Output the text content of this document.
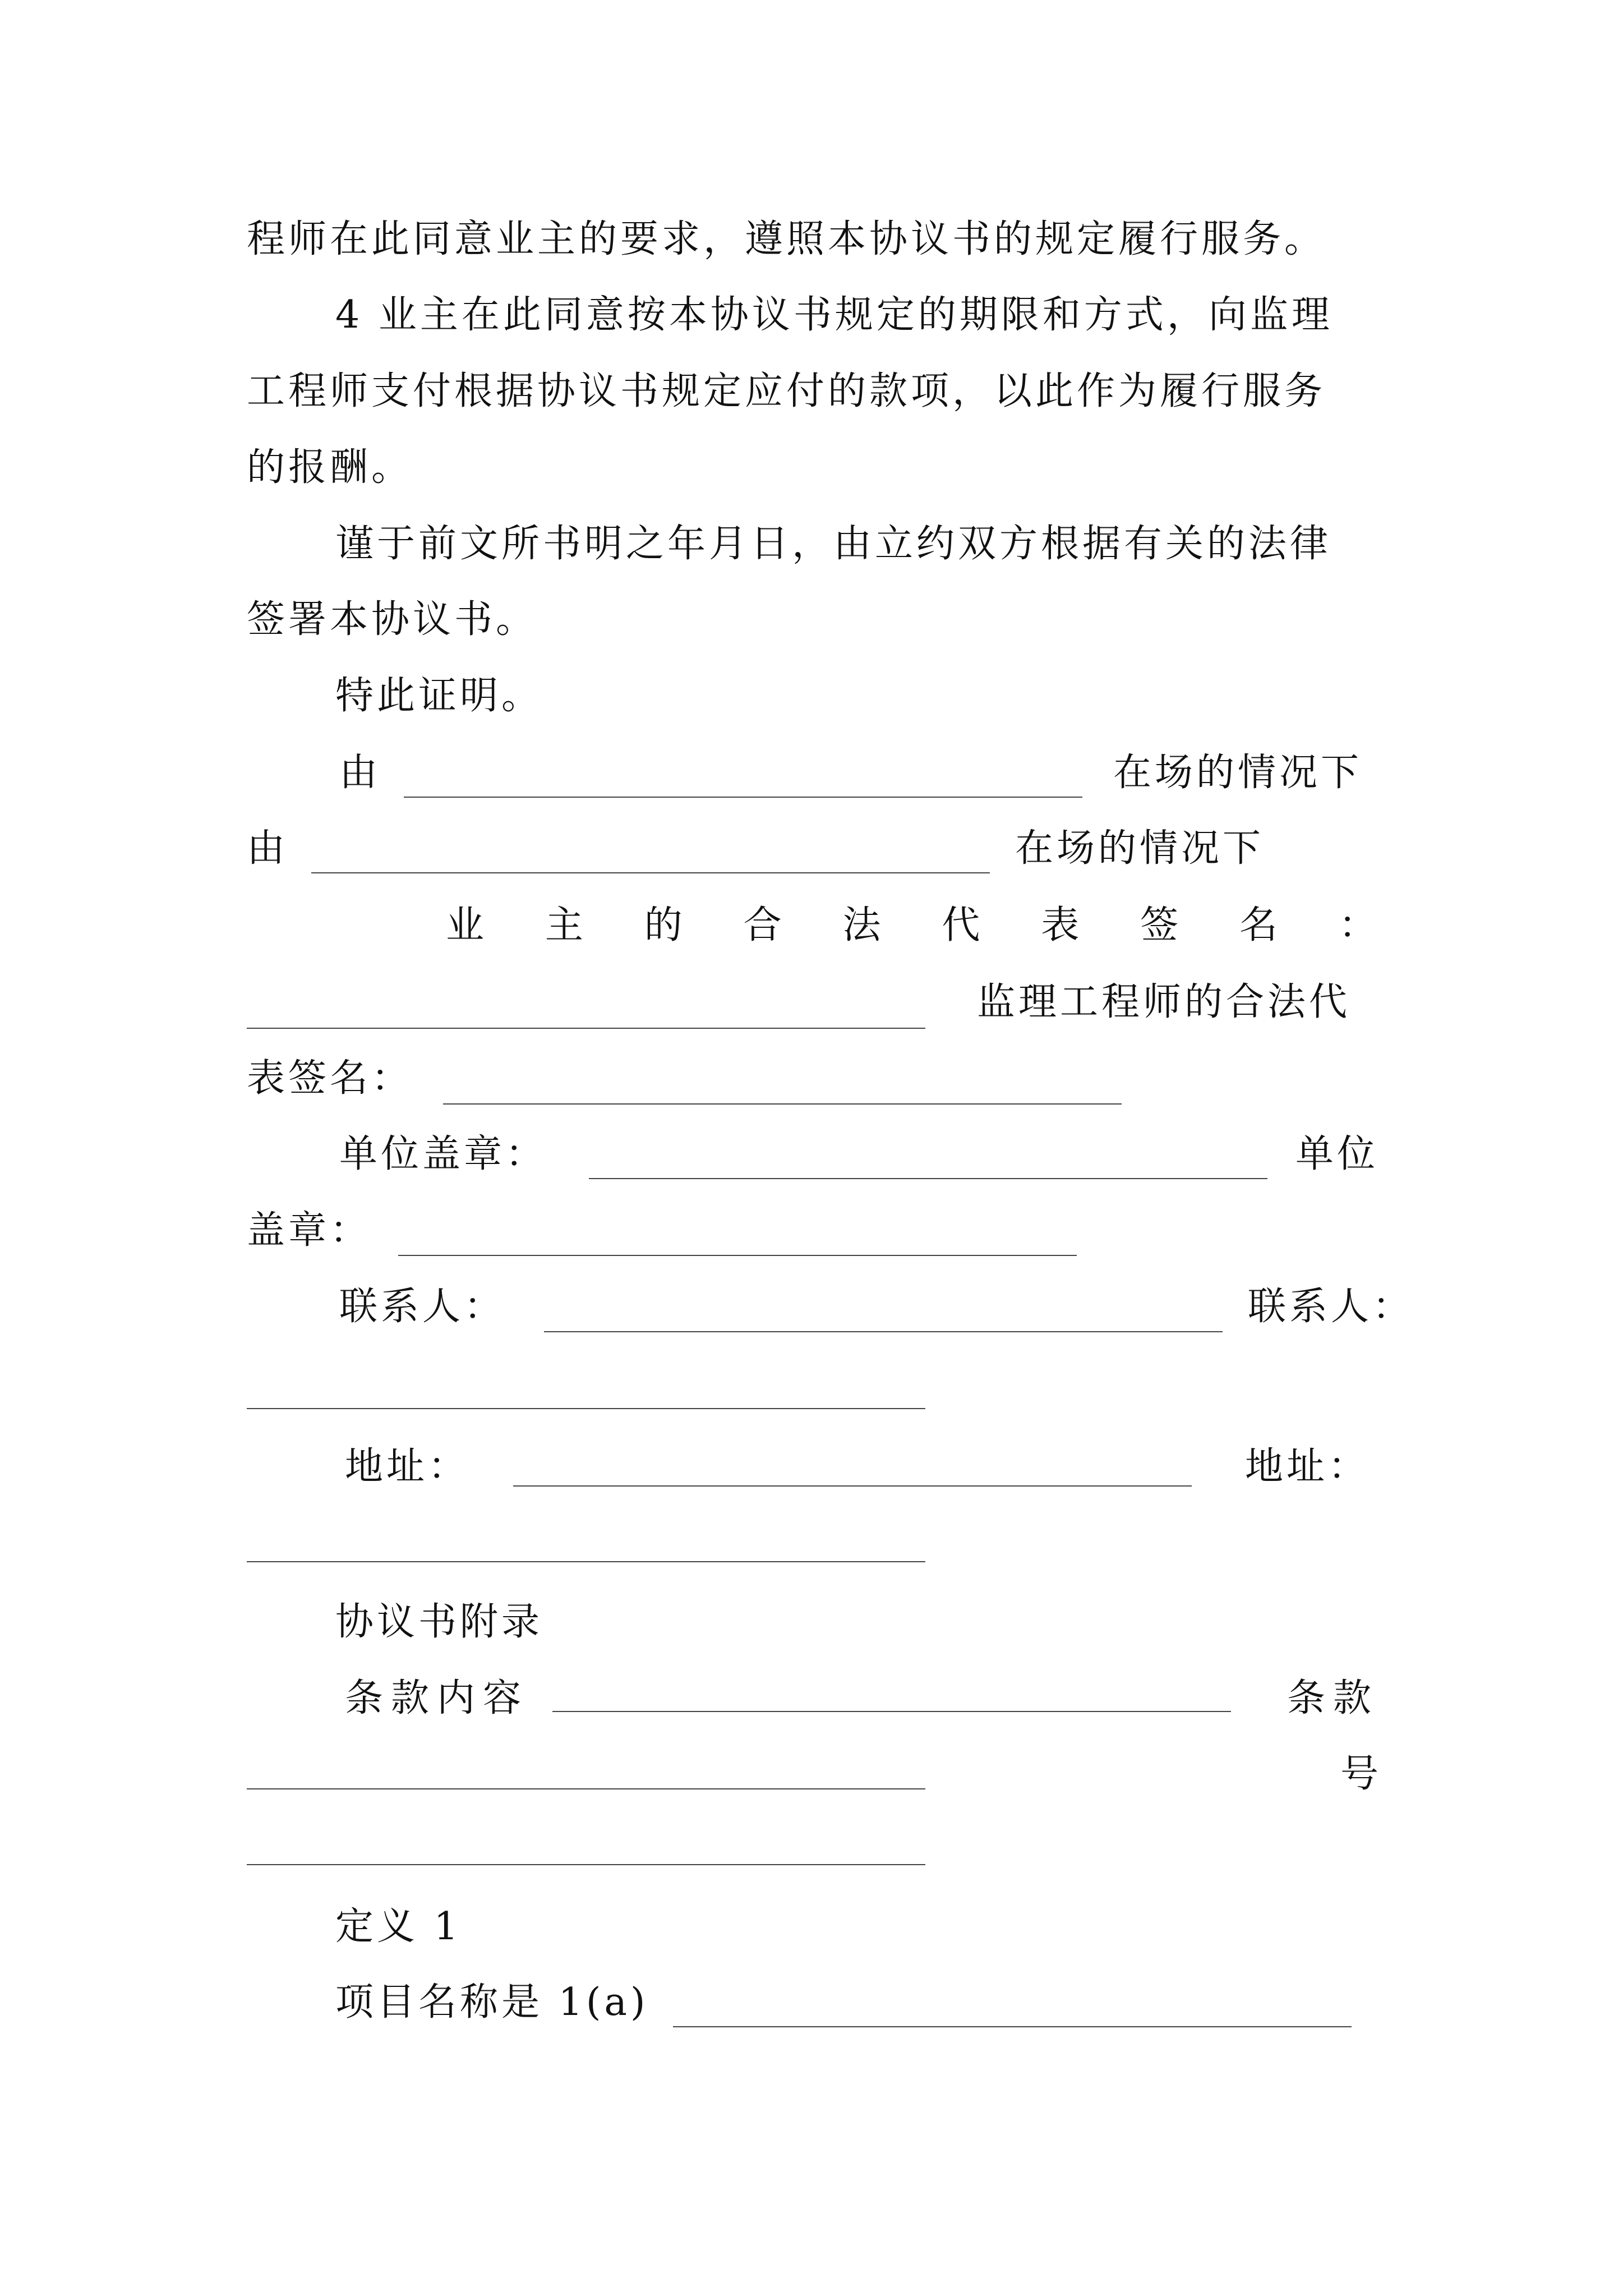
程师在此同意业主的要求，遵照本协议书的规定履行服务。
4 业主在此同意按本协议书规定的期限和方式，向监理
工程师支付根据协议书规定应付的款项，以此作为履行服务
的报酬。
谨于前文所书明之年月日，由立约双方根据有关的法律
签署本协议书。
特此证明。
由	在场的情况下
由	在场的情况下
业 主 的 合 法 代 表 签 名 ：
监理工程师的合法代
表签名：
单位盖章：	单位
盖章：
联系人：	联系人：
地址：	地址：
协议书附录
条款内容	条款
号
定义 1
项目名称是 1(a)
